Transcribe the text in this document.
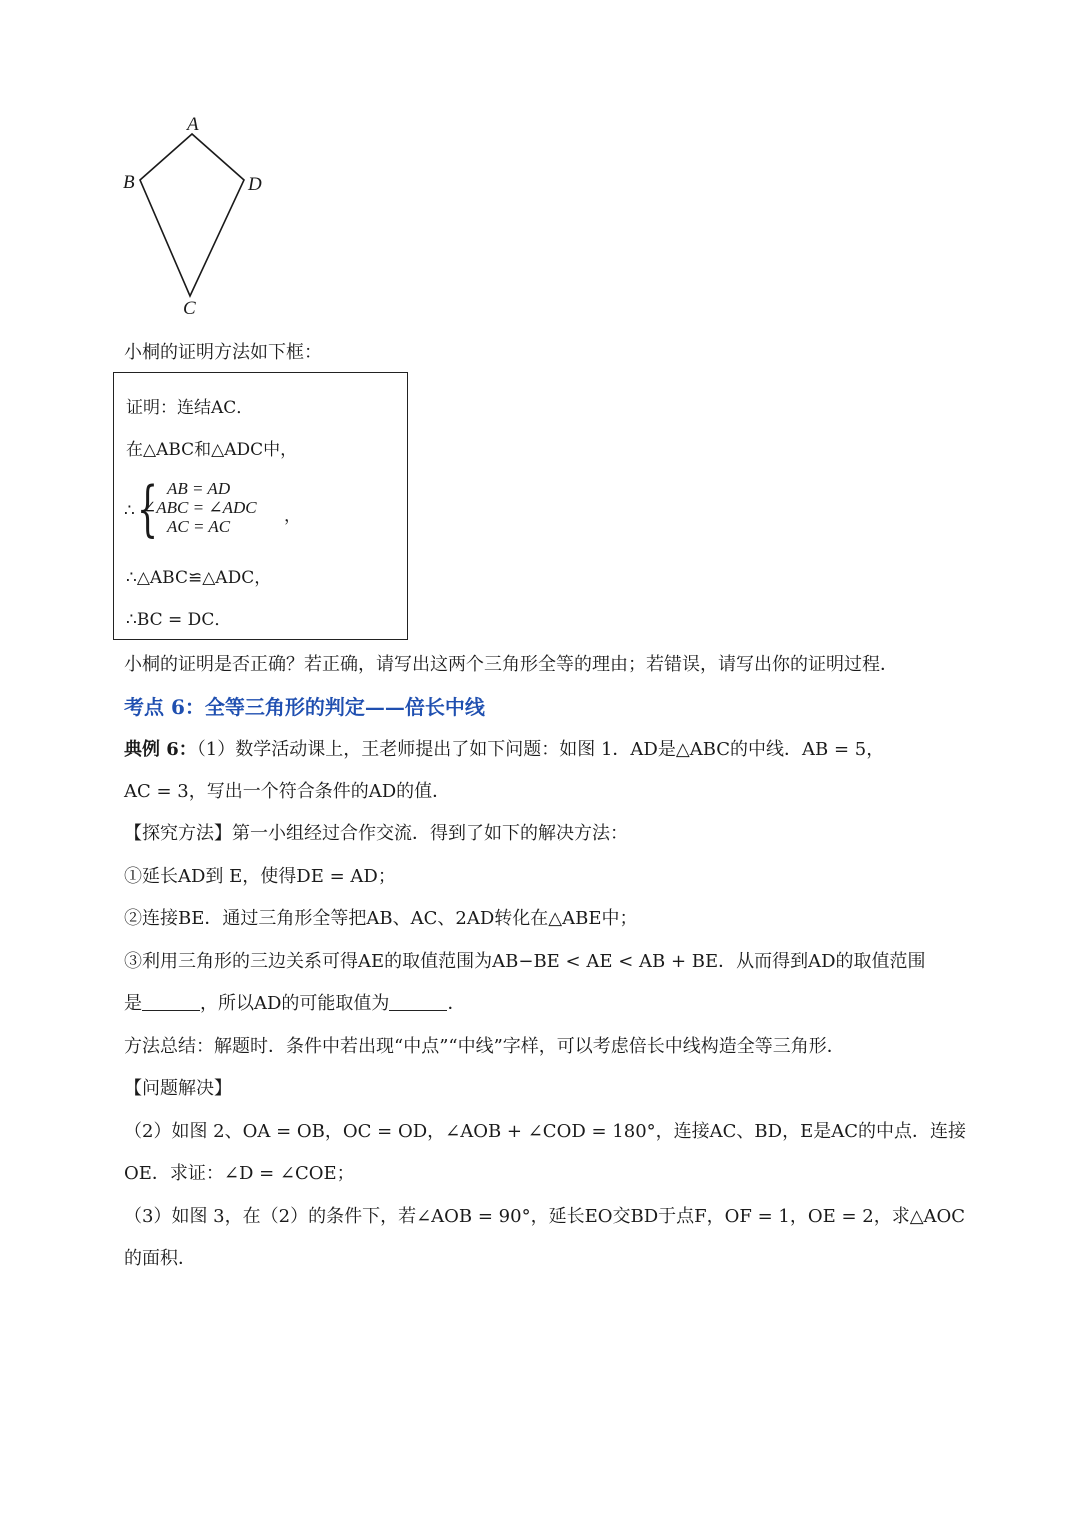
A
B
C
D
小桐的证明方法如下框：
证明：连结AC．
在△ABC和△ADC中，
∴ { AB = AD
∠ABC = ∠ADC
AC = AC
，
∴△ABC≌△ADC，
∴BC = DC．
小桐的证明是否正确？若正确，请写出这两个三角形全等的理由；若错误，请写出你的证明过程．
考点 6：全等三角形的判定——倍长中线
典例 6：（1）数学活动课上，王老师提出了如下问题：如图 1．AD是△ABC的中线．AB = 5，
AC = 3，写出一个符合条件的AD的值．
【探究方法】第一小组经过合作交流．得到了如下的解决方法：
①延长AD到 E，使得DE = AD；
②连接BE．通过三角形全等把AB、AC、2AD转化在△ABE中；
③利用三角形的三边关系可得AE的取值范围为AB−BE < AE < AB + BE．从而得到AD的取值范围
是	，所以AD的可能取值为	．
方法总结：解题时．条件中若出现“中点”“中线”字样，可以考虑倍长中线构造全等三角形．
【问题解决】
（2）如图 2、OA = OB，OC = OD，∠AOB + ∠COD = 180°，连接AC、BD，E是AC的中点．连接
OE．求证：∠D = ∠COE；
（3）如图 3，在（2）的条件下，若∠AOB = 90°，延长EO交BD于点F，OF = 1，OE = 2，求△AOC
的面积．
